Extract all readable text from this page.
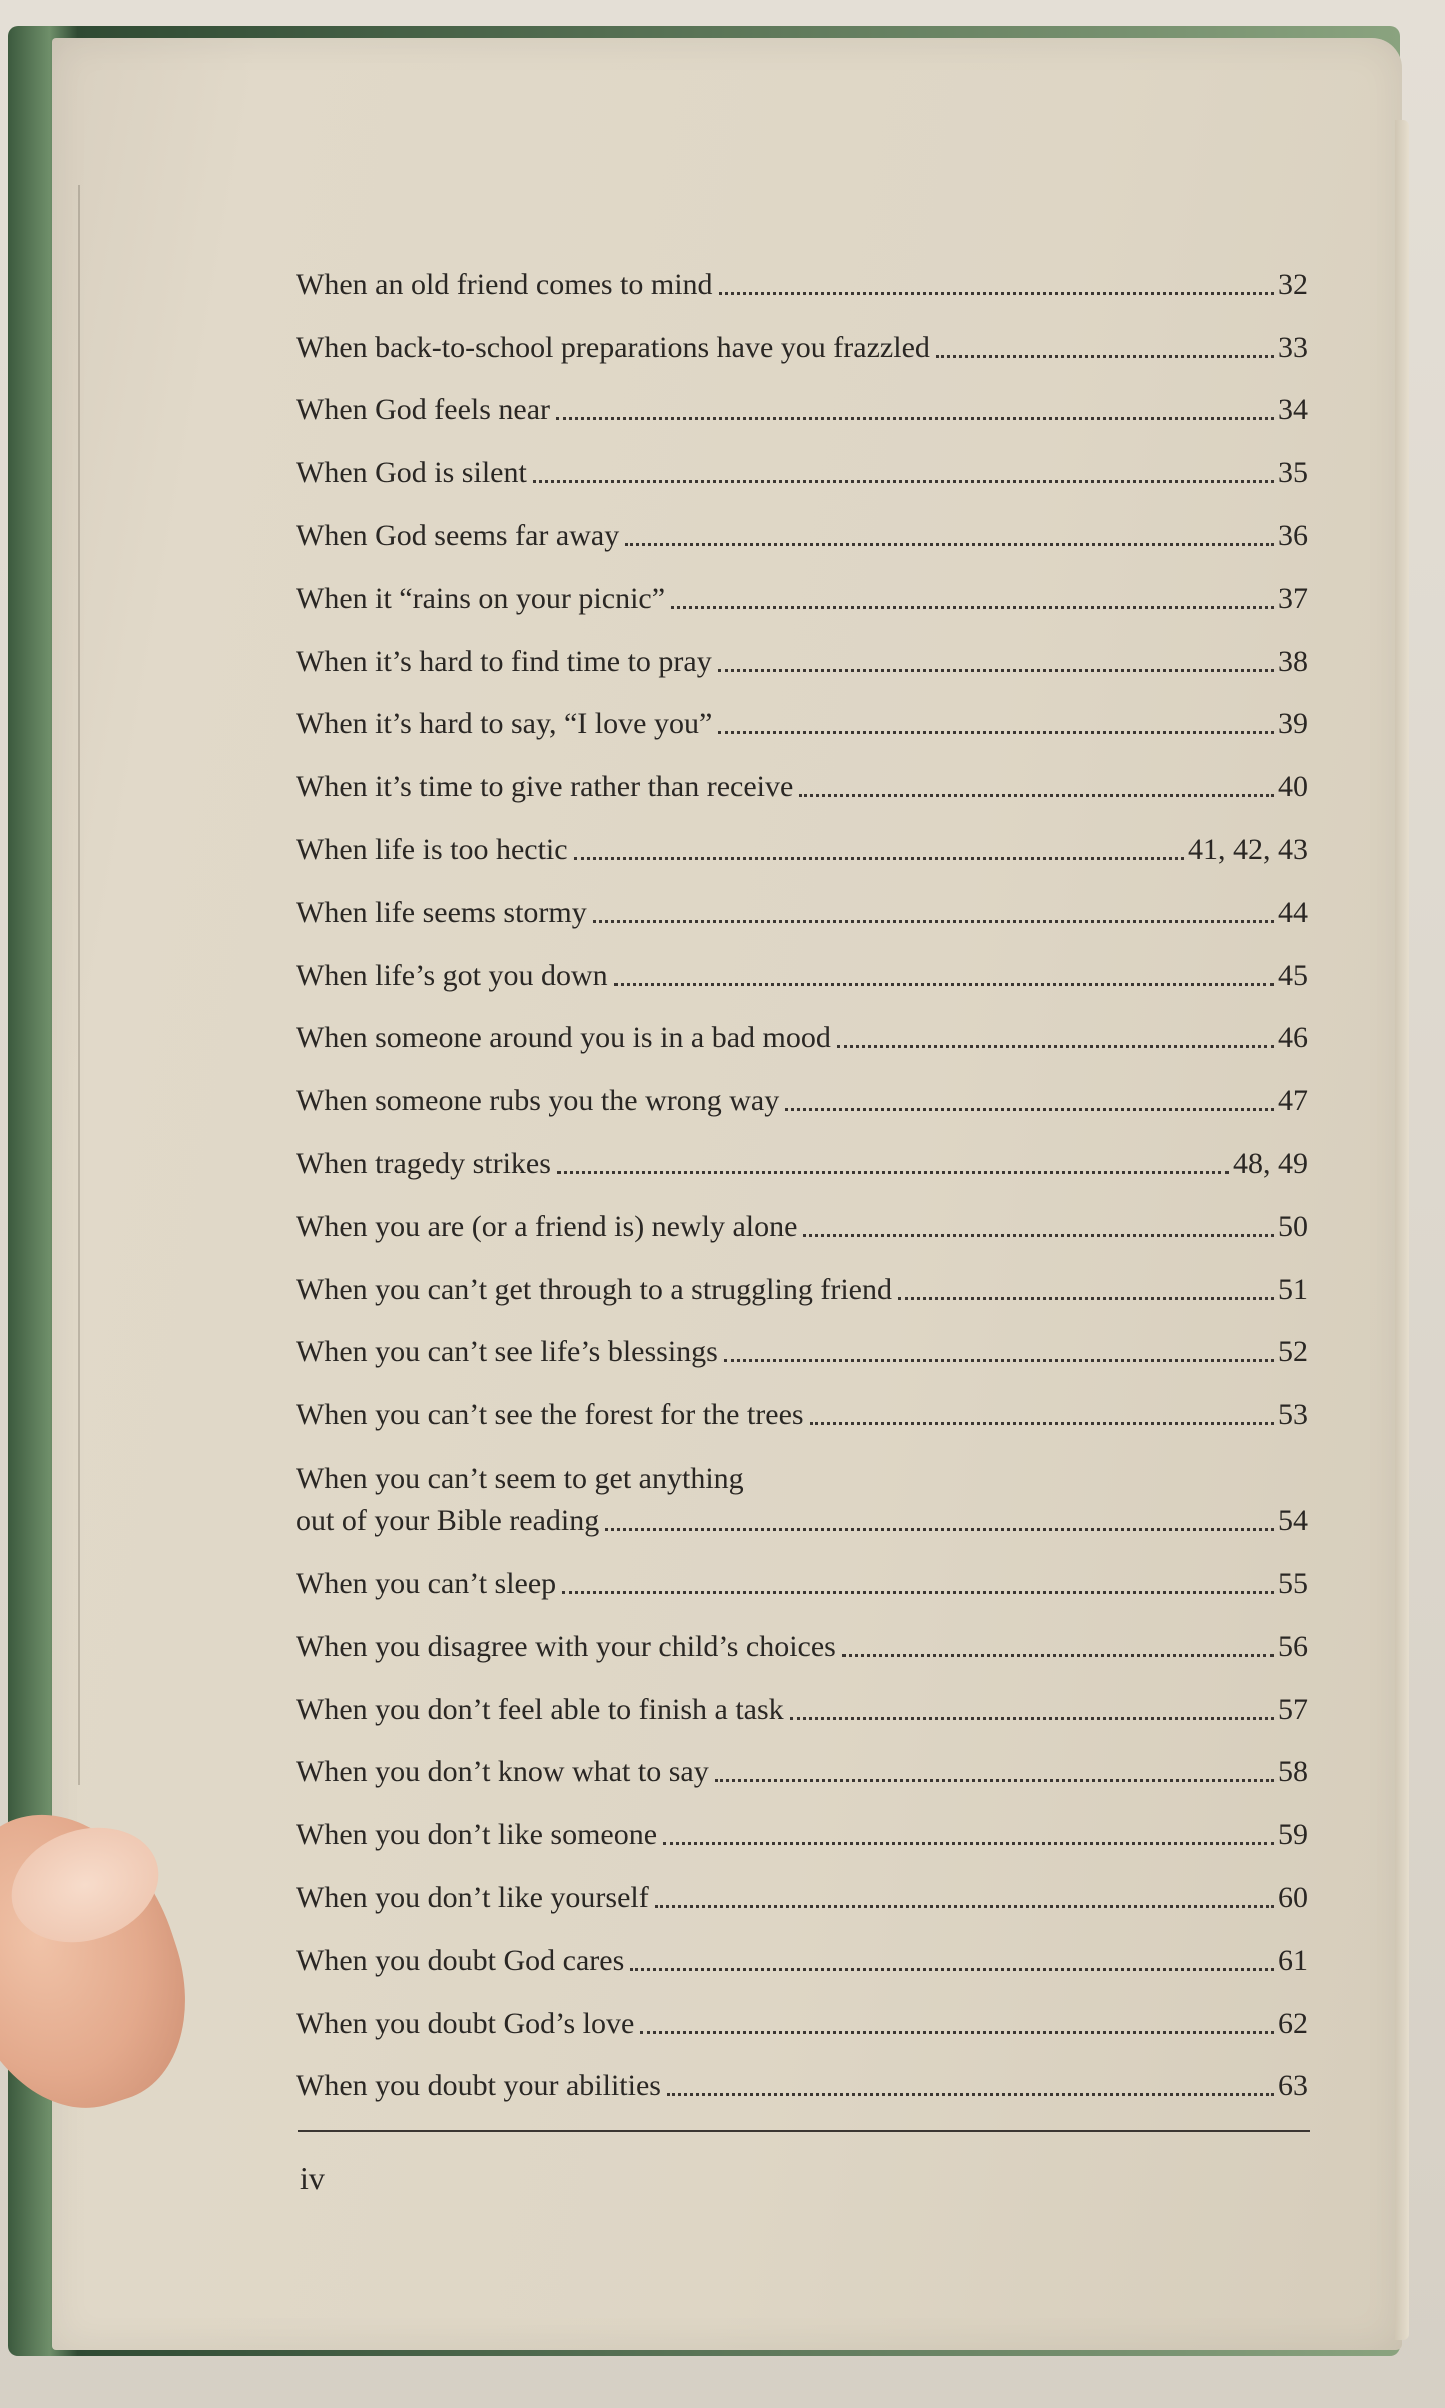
When an old friend comes to mind	32
When back-to-school preparations have you frazzled	33
When God feels near	34
When God is silent	35
When God seems far away	36
When it “rains on your picnic”	37
When it’s hard to find time to pray	38
When it’s hard to say, “I love you”	39
When it’s time to give rather than receive	40
When life is too hectic	41, 42, 43
When life seems stormy	44
When life’s got you down	45
When someone around you is in a bad mood	46
When someone rubs you the wrong way	47
When tragedy strikes	48, 49
When you are (or a friend is) newly alone	50
When you can’t get through to a struggling friend	51
When you can’t see life’s blessings	52
When you can’t see the forest for the trees	53
When you can’t seem to get anything
out of your Bible reading	54
When you can’t sleep	55
When you disagree with your child’s choices	56
When you don’t feel able to finish a task	57
When you don’t know what to say	58
When you don’t like someone	59
When you don’t like yourself	60
When you doubt God cares	61
When you doubt God’s love	62
When you doubt your abilities	63
iv
